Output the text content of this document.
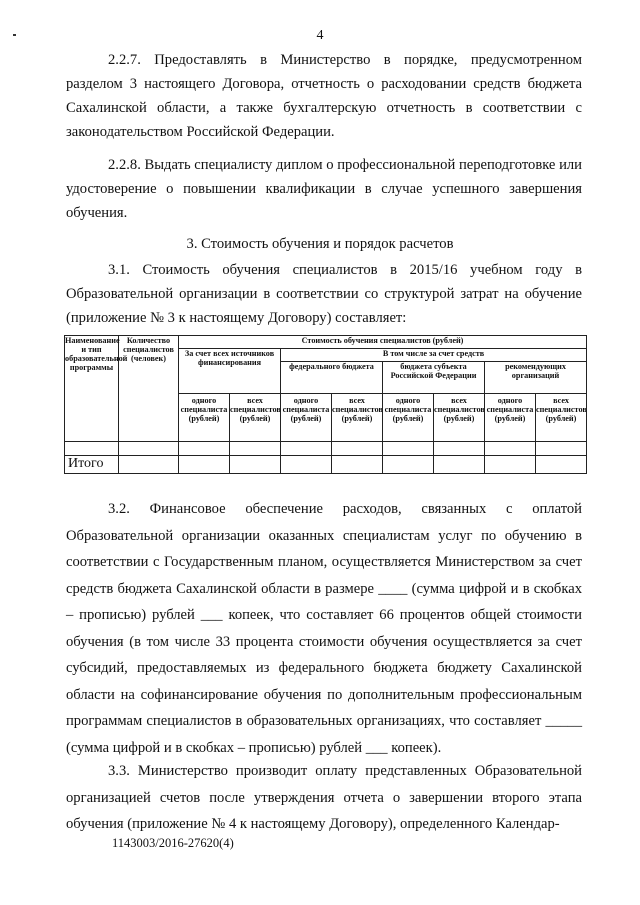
4

2.2.7. Предоставлять в Министерство в порядке, предусмотренном разделом 3 настоящего Договора, отчетность о расходовании средств бюджета Сахалинской области, а также бухгалтерскую отчетность в соответствии с законодательством Российской Федерации.

2.2.8. Выдать специалисту диплом о профессиональной переподготовке или удостоверение о повышении квалификации в случае успешного завершения обучения.

3. Стоимость обучения и порядок расчетов

3.1. Стоимость обучения специалистов в 2015/16 учебном году в Образовательной организации в соответствии со структурой затрат на обучение (приложение № 3 к настоящему Договору) составляет:

Наименование и тип образовательной программы	Количество специалистов (человек)	Стоимость обучения специалистов (рублей)							
		За счет всех источников финансирования		В том числе за счет средств					
				федерального бюджета		бюджета субъекта Российской Федерации		рекомендующих организаций	
		одного специалиста (рублей)	всех специалистов (рублей)	одного специалиста (рублей)	всех специалистов (рублей)	одного специалиста (рублей)	всех специалистов (рублей)	одного специалиста (рублей)	всех специалистов (рублей)

Итого									

3.2. Финансовое обеспечение расходов, связанных с оплатой Образовательной организации оказанных специалистам услуг по обучению в соответствии с Государственным планом, осуществляется Министерством за счет средств бюджета Сахалинской области в размере ____ (сумма цифрой и в скобках – прописью) рублей ___ копеек, что составляет 66 процентов общей стоимости обучения (в том числе 33 процента стоимости обучения осуществляется за счет субсидий, предоставляемых из федерального бюджета бюджету Сахалинской области на софинансирование обучения по дополнительным профессиональным программам специалистов в образовательных организациях, что составляет _____ (сумма цифрой и в скобках – прописью) рублей ___ копеек).

3.3. Министерство производит оплату представленных Образовательной организацией счетов после утверждения отчета о завершении второго этапа обучения (приложение № 4 к настоящему Договору), определенного Календар-

1143003/2016-27620(4)
